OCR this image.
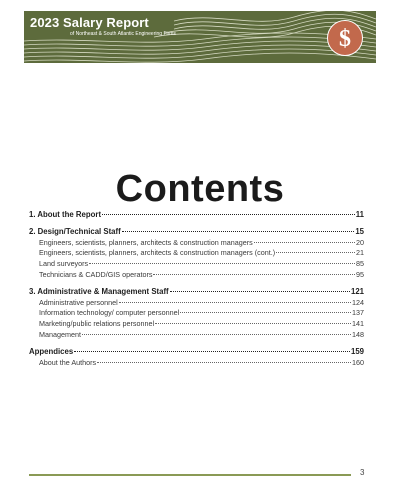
2023 Salary Report
of Northeast & South Atlantic Engineering Firms	$
Contents
1. About the Report	11
2. Design/Technical Staff	15
Engineers, scientists, planners, architects & construction managers	20
Engineers, scientists, planners, architects & construction managers (cont.)	21
Land surveyors	85
Technicians & CADD/GIS operators	95
3. Administrative & Management Staff	121
Administrative personnel	124
Information technology/ computer personnel	137
Marketing/public relations personnel	141
Management	148
Appendices	159
About the Authors	160
3
